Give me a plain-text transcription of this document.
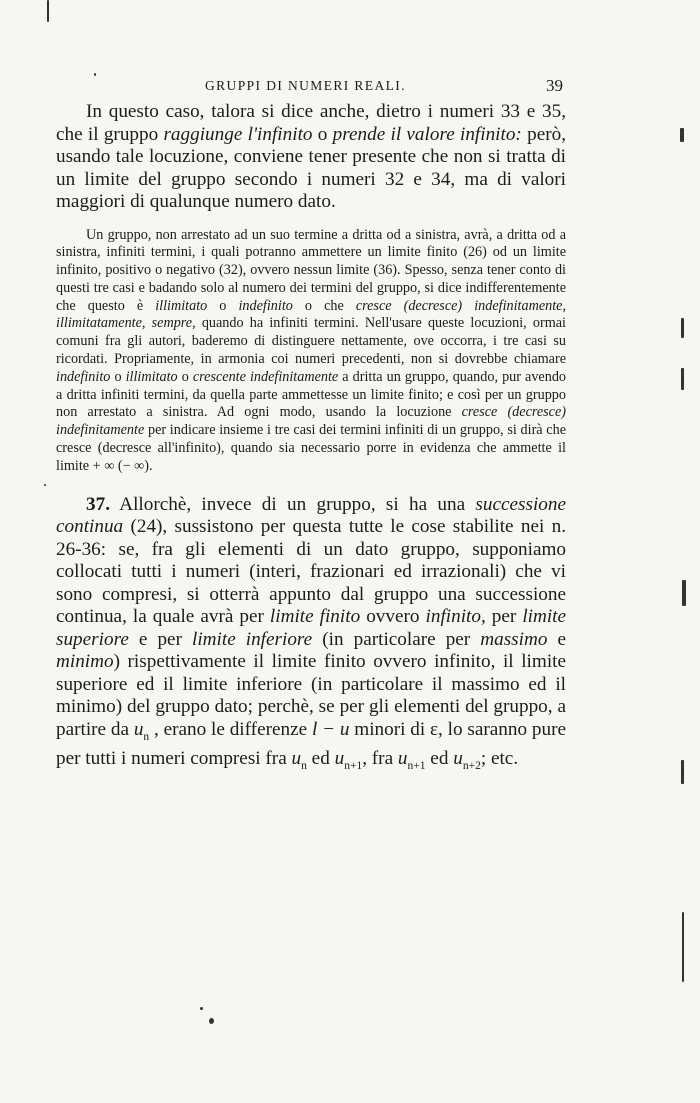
GRUPPI DI NUMERI REALI.	39

In questo caso, talora si dice anche, dietro i numeri 33 e 35, che il gruppo raggiunge l'infinito o prende il valore infinito: però, usando tale locuzione, conviene tener presente che non si tratta di un limite del gruppo secondo i numeri 32 e 34, ma di valori maggiori di qualunque numero dato.

Un gruppo, non arrestato ad un suo termine a dritta od a sinistra, avrà, a dritta od a sinistra, infiniti termini, i quali potranno ammettere un limite finito (26) od un limite infinito, positivo o negativo (32), ovvero nessun limite (36). Spesso, senza tener conto di questi tre casi e badando solo al numero dei termini del gruppo, si dice indifferentemente che questo è illimitato o indefinito o che cresce (decresce) indefinitamente, illimitatamente, sempre, quando ha infiniti termini. Nell'usare queste locuzioni, ormai comuni fra gli autori, baderemo di distinguere nettamente, ove occorra, i tre casi su ricordati. Propriamente, in armonia coi numeri precedenti, non si dovrebbe chiamare indefinito o illimitato o crescente indefinitamente a dritta un gruppo, quando, pur avendo a dritta infiniti termini, da quella parte ammettesse un limite finito; e così per un gruppo non arrestato a sinistra. Ad ogni modo, usando la locuzione cresce (decresce) indefinitamente per indicare insieme i tre casi dei termini infiniti di un gruppo, si dirà che cresce (decresce all'infinito), quando sia necessario porre in evidenza che ammette il limite + ∞ (− ∞).

37. Allorchè, invece di un gruppo, si ha una successione continua (24), sussistono per questa tutte le cose stabilite nei n. 26-36: se, fra gli elementi di un dato gruppo, supponiamo collocati tutti i numeri (interi, frazionari ed irrazionali) che vi sono compresi, si otterrà appunto dal gruppo una successione continua, la quale avrà per limite finito ovvero infinito, per limite superiore e per limite inferiore (in particolare per massimo e minimo) rispettivamente il limite finito ovvero infinito, il limite superiore ed il limite inferiore (in particolare il massimo ed il minimo) del gruppo dato; perchè, se per gli elementi del gruppo, a partire da $u_n$ , erano le differenze l − u minori di ε, lo saranno pure per tutti i numeri compresi fra $u_n$ ed $u_{n+1}$, fra $u_{n+1}$ ed $u_{n+2}$; etc.
